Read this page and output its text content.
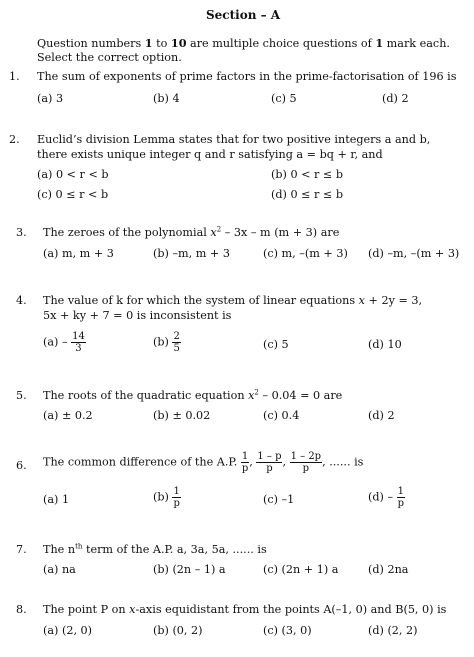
Section – A
Question numbers 1 to 10 are multiple choice questions of 1 mark each.
Select the correct option.
1. The sum of exponents of prime factors in the prime-factorisation of 196 is
(a) 3	(b) 4	(c) 5	(d) 2
2. Euclid’s division Lemma states that for two positive integers a and b,
there exists unique integer q and r satisfying a = bq + r, and
(a) 0 < r < b	(b) 0 < r ≤ b
(c) 0 ≤ r < b	(d) 0 ≤ r ≤ b
3. The zeroes of the polynomial $x^2 - 3x$ – m (m + 3) are
(a) m, m + 3	(b) –m, m + 3	(c) m, –(m + 3) (d) –m, –(m + 3)
4. The value of k for which the system of linear equations x + 2y = 3,
5x + ky + 7 = 0 is inconsistent is
$(a) - \frac{14}{3}$	$(b) \frac{2}{5}$	(c) 5	(d) 10
5. The roots of the quadratic equation $x^2 - 0.04 = 0$ are
(a) ± 0.2	(b) ± 0.02	(c) 0.4	(d) 2
6. The common difference of the A.P. $\frac{1}{p}$ , $\frac{1 - p}{p}$ , $\frac{1 - 2p}{p}$ , ...... is
(a) 1	$(b) \frac{1}{p}$	(c) –1	$(d) - \frac{1}{p}$
7. The $n^{th}$ term of the A.P. a, 3a, 5a, ...... is
(a) na	(b) (2n – 1) a	(c) (2n + 1) a	(d) 2na
8. The point P on x-axis equidistant from the points A(–1, 0) and B(5, 0) is
(a) (2, 0)	(b) (0, 2)	(c) (3, 0)	(d) (2, 2)
